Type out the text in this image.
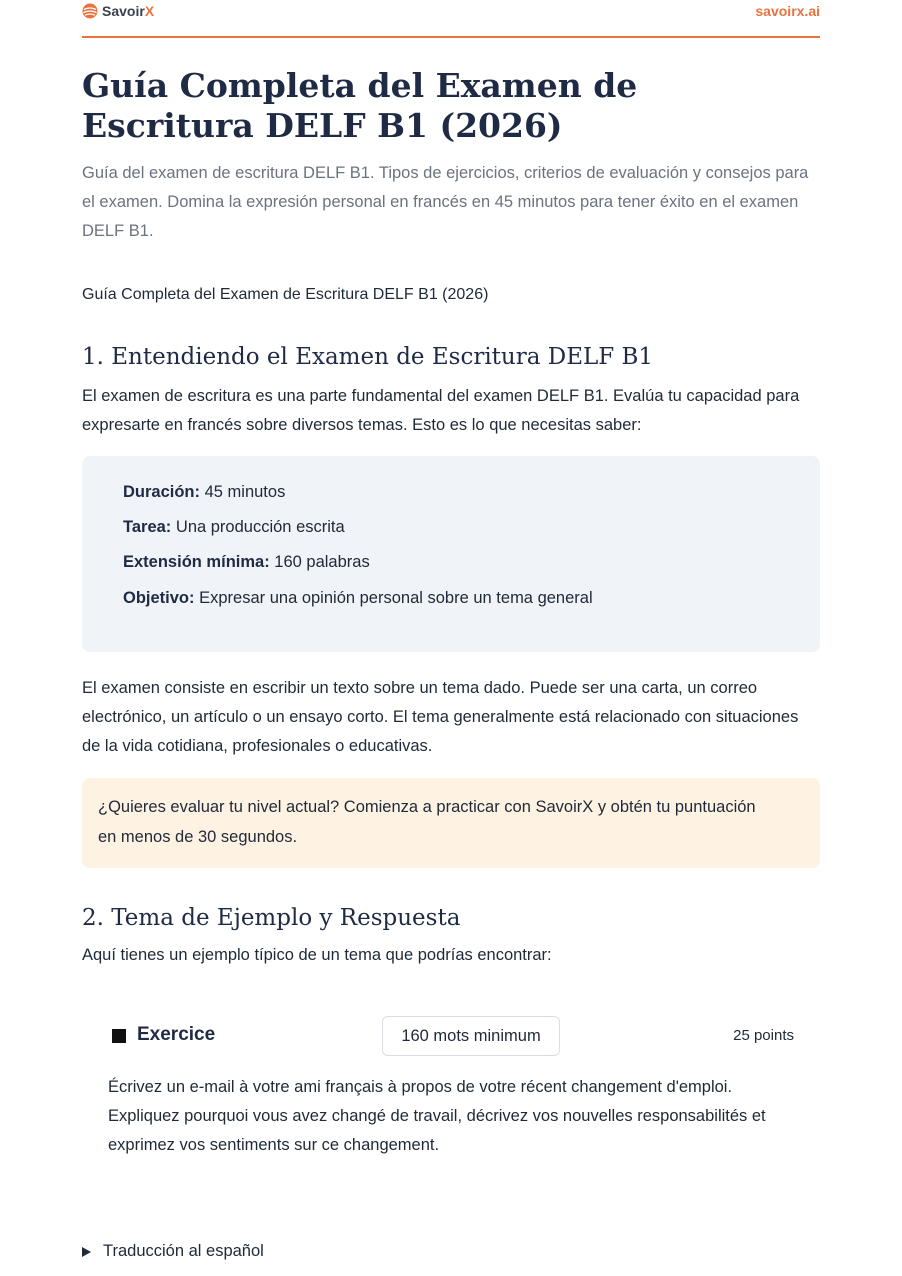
SavoirX	savoirx.ai
Guía Completa del Examen de Escritura DELF B1 (2026)

Guía del examen de escritura DELF B1. Tipos de ejercicios, criterios de evaluación y consejos para el examen. Domina la expresión personal en francés en 45 minutos para tener éxito en el examen DELF B1.

Guía Completa del Examen de Escritura DELF B1 (2026)

1. Entendiendo el Examen de Escritura DELF B1

El examen de escritura es una parte fundamental del examen DELF B1. Evalúa tu capacidad para expresarte en francés sobre diversos temas. Esto es lo que necesitas saber:

Duración: 45 minutos
Tarea: Una producción escrita
Extensión mínima: 160 palabras
Objetivo: Expresar una opinión personal sobre un tema general

El examen consiste en escribir un texto sobre un tema dado. Puede ser una carta, un correo electrónico, un artículo o un ensayo corto. El tema generalmente está relacionado con situaciones de la vida cotidiana, profesionales o educativas.

¿Quieres evaluar tu nivel actual? Comienza a practicar con SavoirX y obtén tu puntuación en menos de 30 segundos.

2. Tema de Ejemplo y Respuesta

Aquí tienes un ejemplo típico de un tema que podrías encontrar:

Exercice	160 mots minimum	25 points

Écrivez un e-mail à votre ami français à propos de votre récent changement d'emploi. Expliquez pourquoi vous avez changé de travail, décrivez vos nouvelles responsabilités et exprimez vos sentiments sur ce changement.

Traducción al español
